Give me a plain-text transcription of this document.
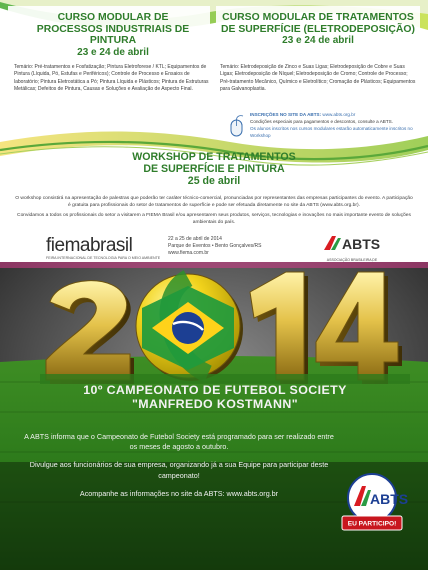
CURSO MODULAR DE
PROCESSOS INDUSTRIAIS DE PINTURA
23 e 24 de abril
CURSO MODULAR DE TRATAMENTOS
DE SUPERFÍCIE (ELETRODEPOSIÇÃO)
23 e 24 de abril
Temário: Pré-tratamentos e Fosfatização; Pintura Eletroforese / KTL; Equipamentos de Pintura (Líquida, Pó, Estufas e Periféricos); Controle de Processo e Ensaios de laboratório; Pintura Eletrostática a Pó; Pintura Líquida e Plásticos; Pintura de Estruturas Metálicas; Defeitos de Pintura, Causas e Soluções e Avaliação de Aspecto Final.
Temário: Eletrodeposição de Zinco e Suas Ligas; Eletrodeposição de Cobre e Suas Ligas; Eletrodeposição de Níquel; Eletrodeposição de Cromo; Controle de Processo; Pré-tratamento Mecânico, Químico e Eletrolítico; Cromação de Plásticos; Equipamentos para Galvanoplastia.
INSCRIÇÕES NO SITE DA ABTS: www.abts.org.br
Condições especiais para pagamentos e descontos, consulte a ABTS.
Os alunos inscritos nos cursos modulares estarão automaticamente inscritos no Workshop
WORKSHOP DE TRATAMENTOS
DE SUPERFÍCIE E PINTURA
25 de abril

O workshop consistirá na apresentação de palestras que poderão ter caráter técnico-comercial, pronunciadas por representantes das empresas participantes do evento. A participação é gratuita para profissionais do setor de tratamentos de superfície e pode ser efetuada diretamente no site da ABTS (www.abts.org.br).

Convidamos a todos os profissionais do setor a visitarem a FIEMA Brasil e/ou apresentarem seus produtos, serviços, tecnologias e inovações no mais importante evento de soluções ambientais do país.

fiemabrasil
FEIRA INTERNACIONAL DE TECNOLOGIA PARA O MEIO AMBIENTE
22 a 25 de abril de 2014
Parque de Eventos • Bento Gonçalves/RS
www.fiema.com.br
ABTS
ASSOCIAÇÃO BRASILEIRA DE
10º CAMPEONATO DE FUTEBOL SOCIETY
"MANFREDO KOSTMANN"

A ABTS informa que o Campeonato de Futebol Society está programado para ser realizado entre os meses de agosto a outubro.

Divulgue aos funcionários de sua empresa, organizando já a sua Equipe para participar deste campeonato!

Acompanhe as informações no site da ABTS: www.abts.org.br	ABTS
EU PARTICIPO!
